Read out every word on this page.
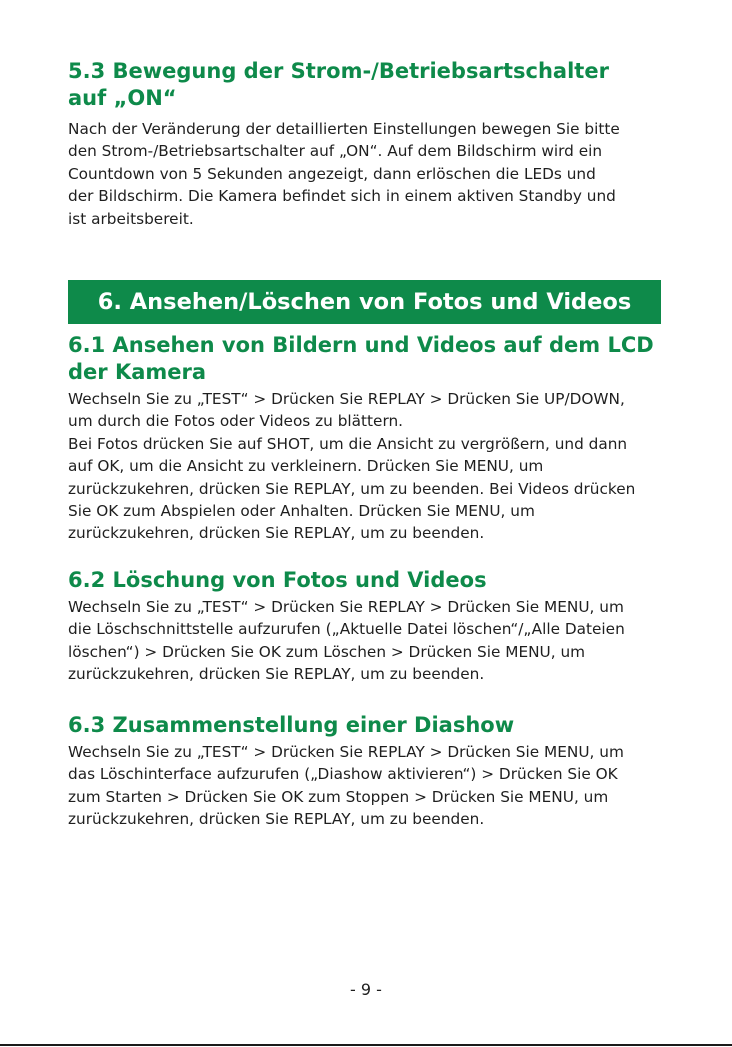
5.3 Bewegung der Strom-/Betriebsartschalter
auf „ON“

Nach der Veränderung der detaillierten Einstellungen bewegen Sie bitte
den Strom-/Betriebsartschalter auf „ON“. Auf dem Bildschirm wird ein
Countdown von 5 Sekunden angezeigt, dann erlöschen die LEDs und
der Bildschirm. Die Kamera befindet sich in einem aktiven Standby und
ist arbeitsbereit.

6. Ansehen/Löschen von Fotos und Videos
6.1 Ansehen von Bildern und Videos auf dem LCD
der Kamera

Wechseln Sie zu „TEST“ > Drücken Sie REPLAY > Drücken Sie UP/DOWN,
um durch die Fotos oder Videos zu blättern.
Bei Fotos drücken Sie auf SHOT, um die Ansicht zu vergrößern, und dann
auf OK, um die Ansicht zu verkleinern. Drücken Sie MENU, um
zurückzukehren, drücken Sie REPLAY, um zu beenden. Bei Videos drücken
Sie OK zum Abspielen oder Anhalten. Drücken Sie MENU, um
zurückzukehren, drücken Sie REPLAY, um zu beenden.

6.2 Löschung von Fotos und Videos

Wechseln Sie zu „TEST“ > Drücken Sie REPLAY > Drücken Sie MENU, um
die Löschschnittstelle aufzurufen („Aktuelle Datei löschen“/„Alle Dateien
löschen“) > Drücken Sie OK zum Löschen > Drücken Sie MENU, um
zurückzukehren, drücken Sie REPLAY, um zu beenden.

6.3 Zusammenstellung einer Diashow

Wechseln Sie zu „TEST“ > Drücken Sie REPLAY > Drücken Sie MENU, um
das Löschinterface aufzurufen („Diashow aktivieren“) > Drücken Sie OK
zum Starten > Drücken Sie OK zum Stoppen > Drücken Sie MENU, um
zurückzukehren, drücken Sie REPLAY, um zu beenden.

- 9 -
